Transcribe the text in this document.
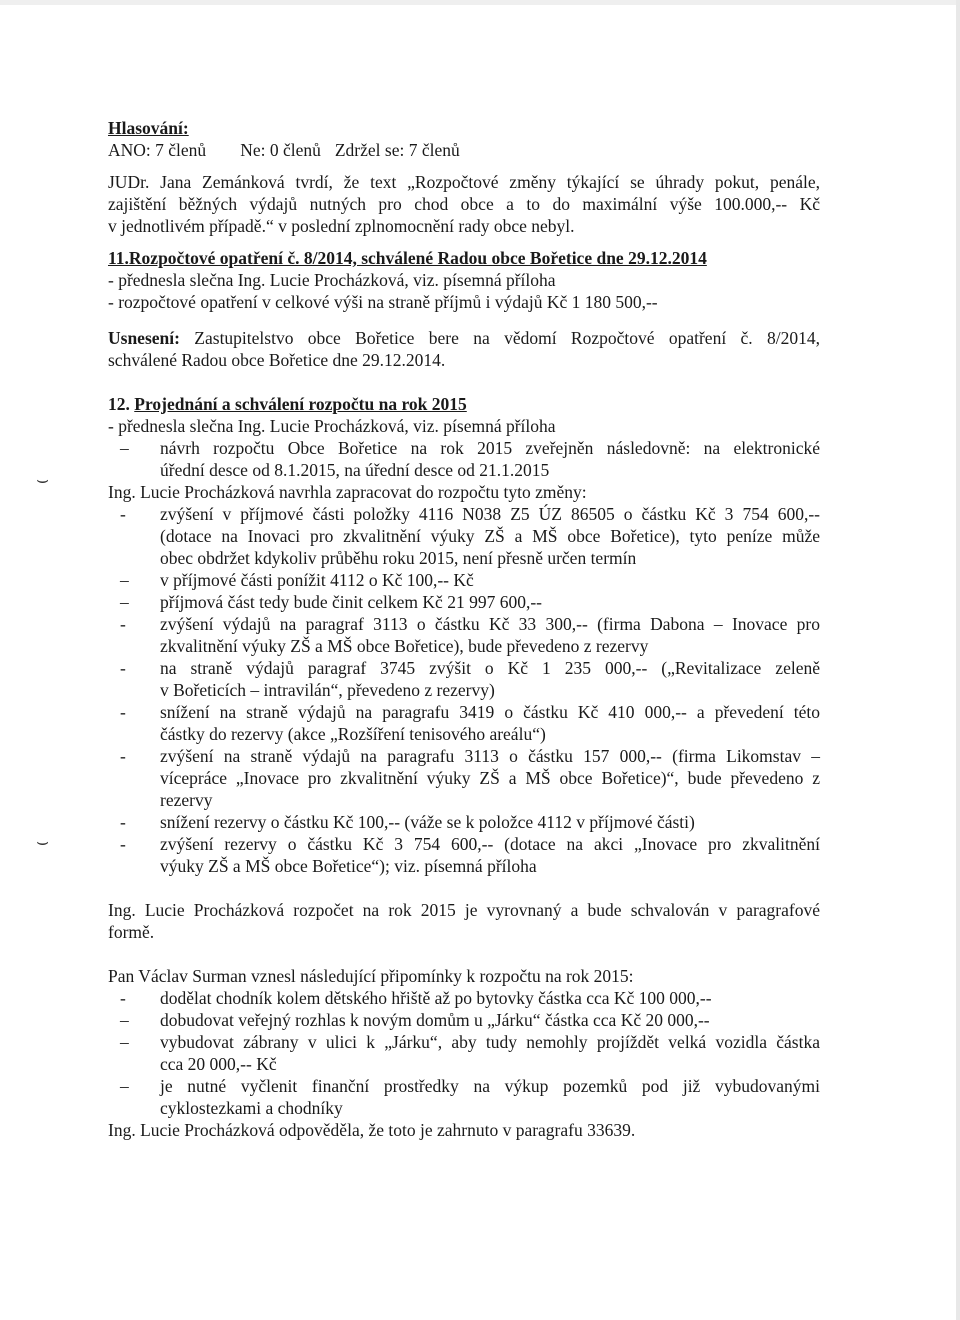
⌣
⌣
Hlasování:
ANO: 7 členů Ne: 0 členů Zdržel se: 7 členů
JUDr. Jana Zemánková tvrdí, že text „Rozpočtové změny týkající se úhrady pokut, penále,
zajištění běžných výdajů nutných pro chod obce a to do maximální výše 100.000,-- Kč
v jednotlivém případě.“ v poslední zplnomocnění rady obce nebyl.
11.Rozpočtové opatření č. 8/2014, schválené Radou obce Bořetice dne 29.12.2014
- přednesla slečna Ing. Lucie Procházková, viz. písemná příloha
- rozpočtové opatření v celkové výši na straně příjmů i výdajů Kč 1 180 500,--
Usnesení: Zastupitelstvo obce Bořetice bere na vědomí Rozpočtové opatření č. 8/2014,
schválené Radou obce Bořetice dne 29.12.2014.
12. Projednání a schválení rozpočtu na rok 2015
- přednesla slečna Ing. Lucie Procházková, viz. písemná příloha
–	návrh rozpočtu Obce Bořetice na rok 2015 zveřejněn následovně: na elektronické
úřední desce od 8.1.2015, na úřední desce od 21.1.2015
Ing. Lucie Procházková navrhla zapracovat do rozpočtu tyto změny:
-	zvýšení v příjmové části položky 4116 N038 Z5 ÚZ 86505 o částku Kč 3 754 600,--
(dotace na Inovaci pro zkvalitnění výuky ZŠ a MŠ obce Bořetice), tyto peníze může
obec obdržet kdykoliv průběhu roku 2015, není přesně určen termín
–	v příjmové části ponížit 4112 o Kč 100,-- Kč
–	příjmová část tedy bude činit celkem Kč 21 997 600,--
-	zvýšení výdajů na paragraf 3113 o částku Kč 33 300,-- (firma Dabona – Inovace pro
zkvalitnění výuky ZŠ a MŠ obce Bořetice), bude převedeno z rezervy
-	na straně výdajů paragraf 3745 zvýšit o Kč 1 235 000,-- („Revitalizace zeleně
v Bořeticích – intravilán“, převedeno z rezervy)
-	snížení na straně výdajů na paragrafu 3419 o částku Kč 410 000,-- a převedení této
částky do rezervy (akce „Rozšíření tenisového areálu“)
-	zvýšení na straně výdajů na paragrafu 3113 o částku 157 000,-- (firma Likomstav –
vícepráce „Inovace pro zkvalitnění výuky ZŠ a MŠ obce Bořetice)“, bude převedeno z
rezervy
-	snížení rezervy o částku Kč 100,-- (váže se k položce 4112 v příjmové části)
-	zvýšení rezervy o částku Kč 3 754 600,-- (dotace na akci „Inovace pro zkvalitnění
výuky ZŠ a MŠ obce Bořetice“); viz. písemná příloha
Ing. Lucie Procházková rozpočet na rok 2015 je vyrovnaný a bude schvalován v paragrafové
formě.
Pan Václav Surman vznesl následující připomínky k rozpočtu na rok 2015:
-	dodělat chodník kolem dětského hřiště až po bytovky částka cca Kč 100 000,--
–	dobudovat veřejný rozhlas k novým domům u „Járku“ částka cca Kč 20 000,--
–	vybudovat zábrany v ulici k „Járku“, aby tudy nemohly projíždět velká vozidla částka
cca 20 000,-- Kč
–	je nutné vyčlenit finanční prostředky na výkup pozemků pod již vybudovanými
cyklostezkami a chodníky
Ing. Lucie Procházková odpověděla, že toto je zahrnuto v paragrafu 33639.
